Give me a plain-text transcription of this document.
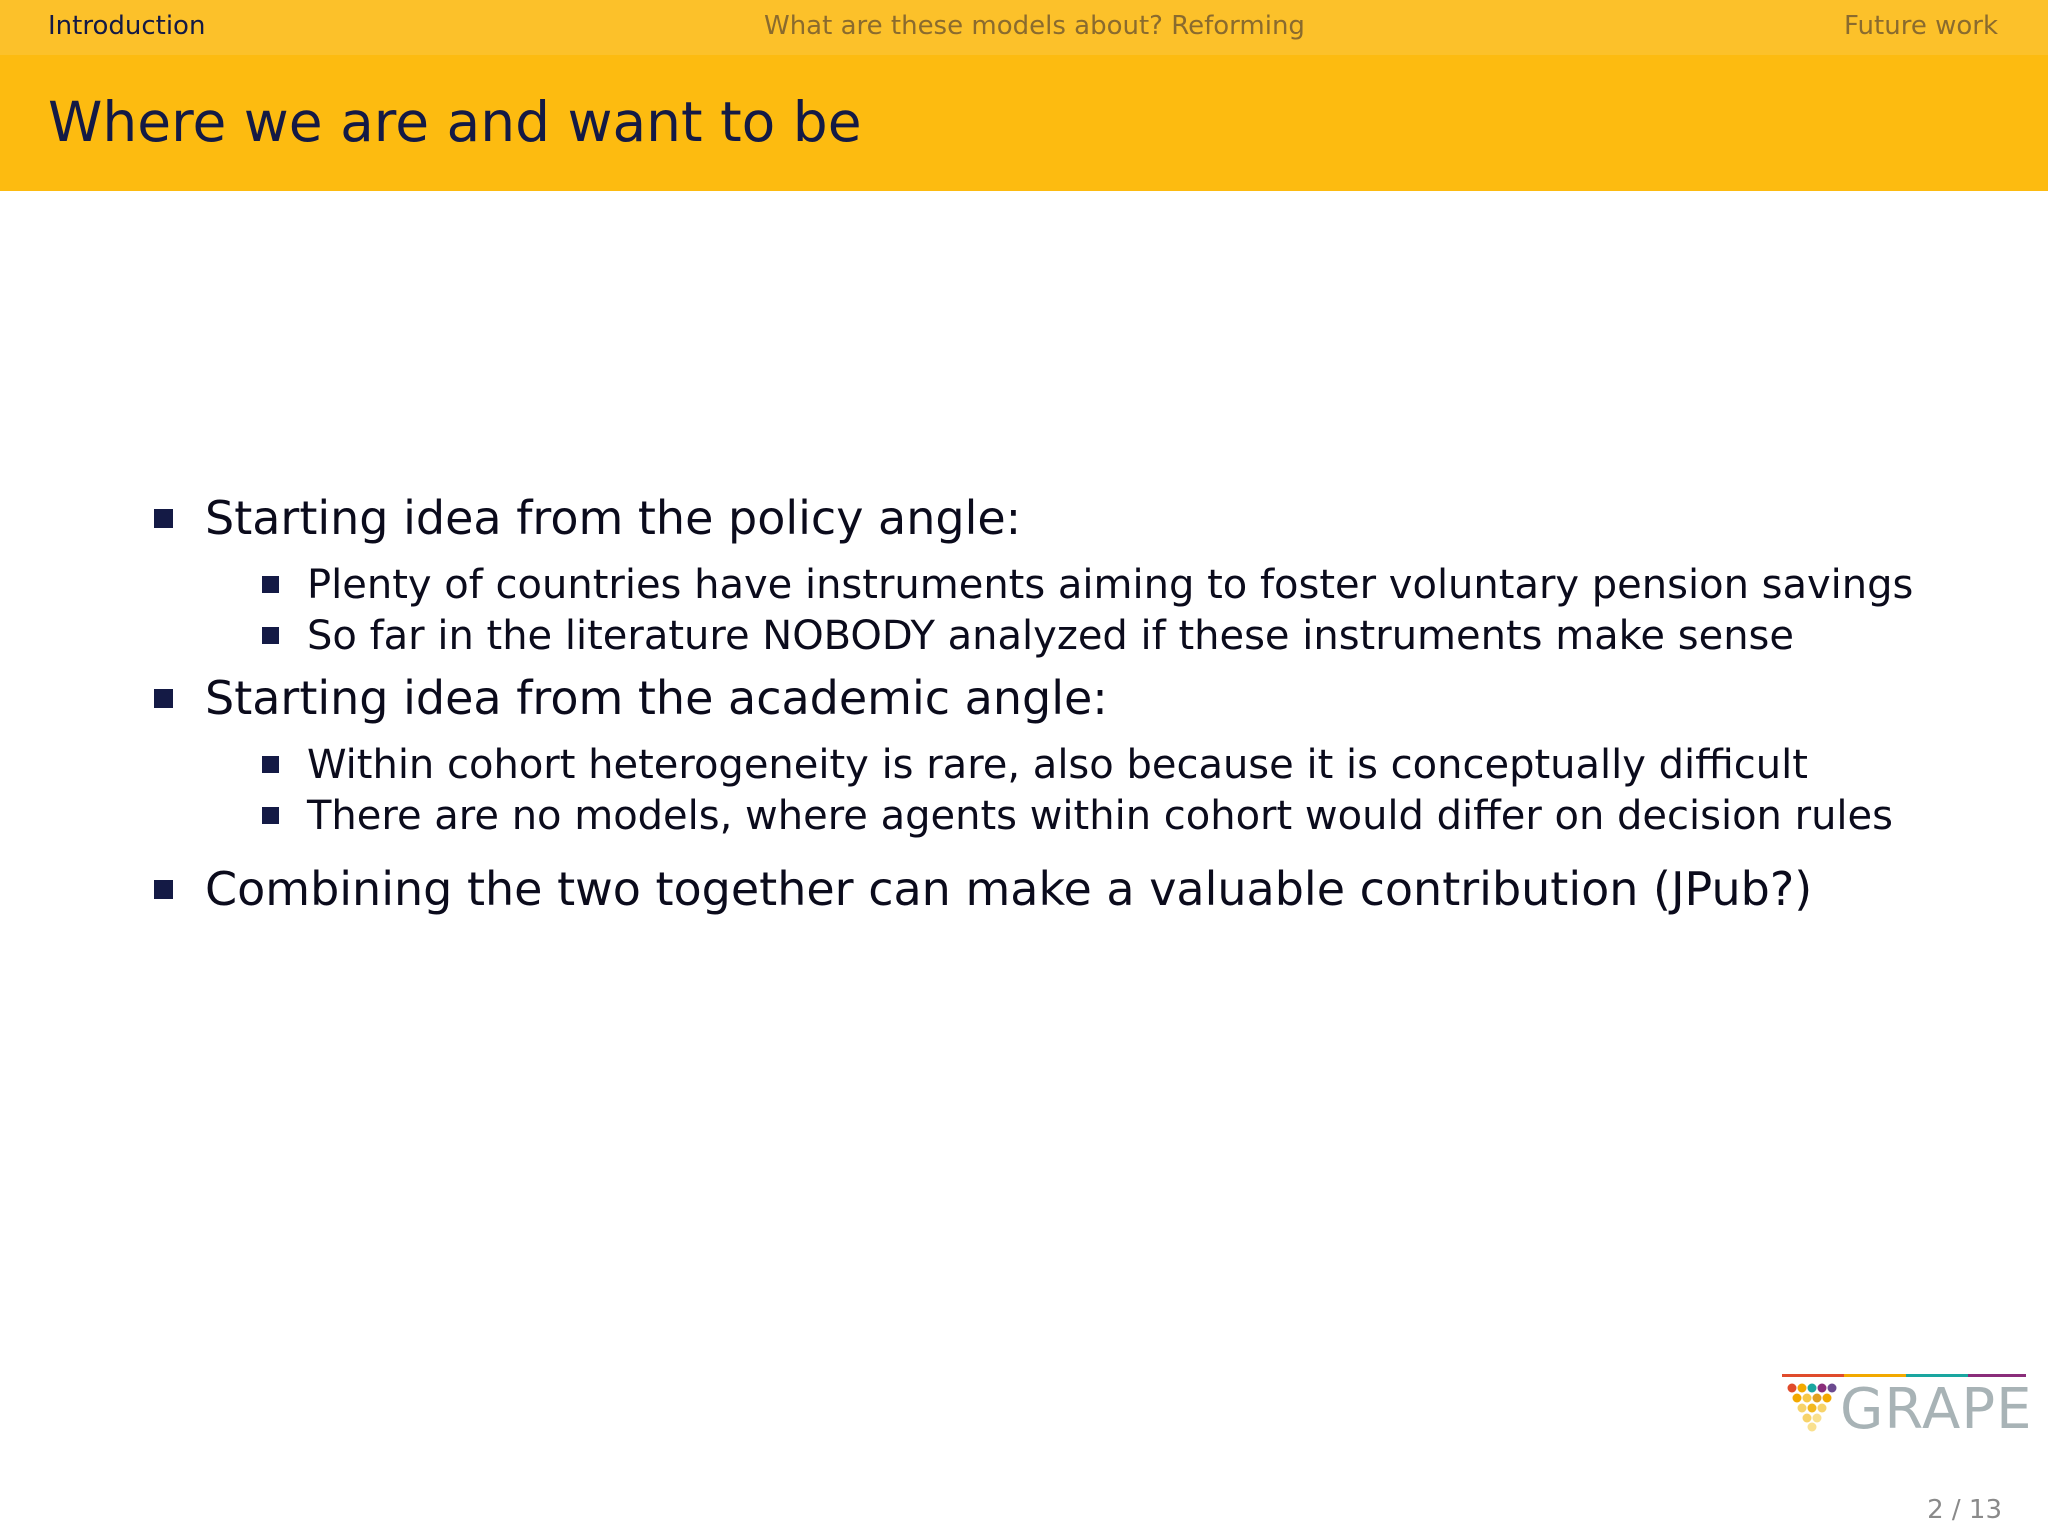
Introduction	What are these models about? Reforming	Future work
Where we are and want to be
Starting idea from the policy angle:
Plenty of countries have instruments aiming to foster voluntary pension savings
So far in the literature NOBODY analyzed if these instruments make sense
Starting idea from the academic angle:
Within cohort heterogeneity is rare, also because it is conceptually difficult
There are no models, where agents within cohort would differ on decision rules
Combining the two together can make a valuable contribution (JPub?)
GRAPE
2 / 13
